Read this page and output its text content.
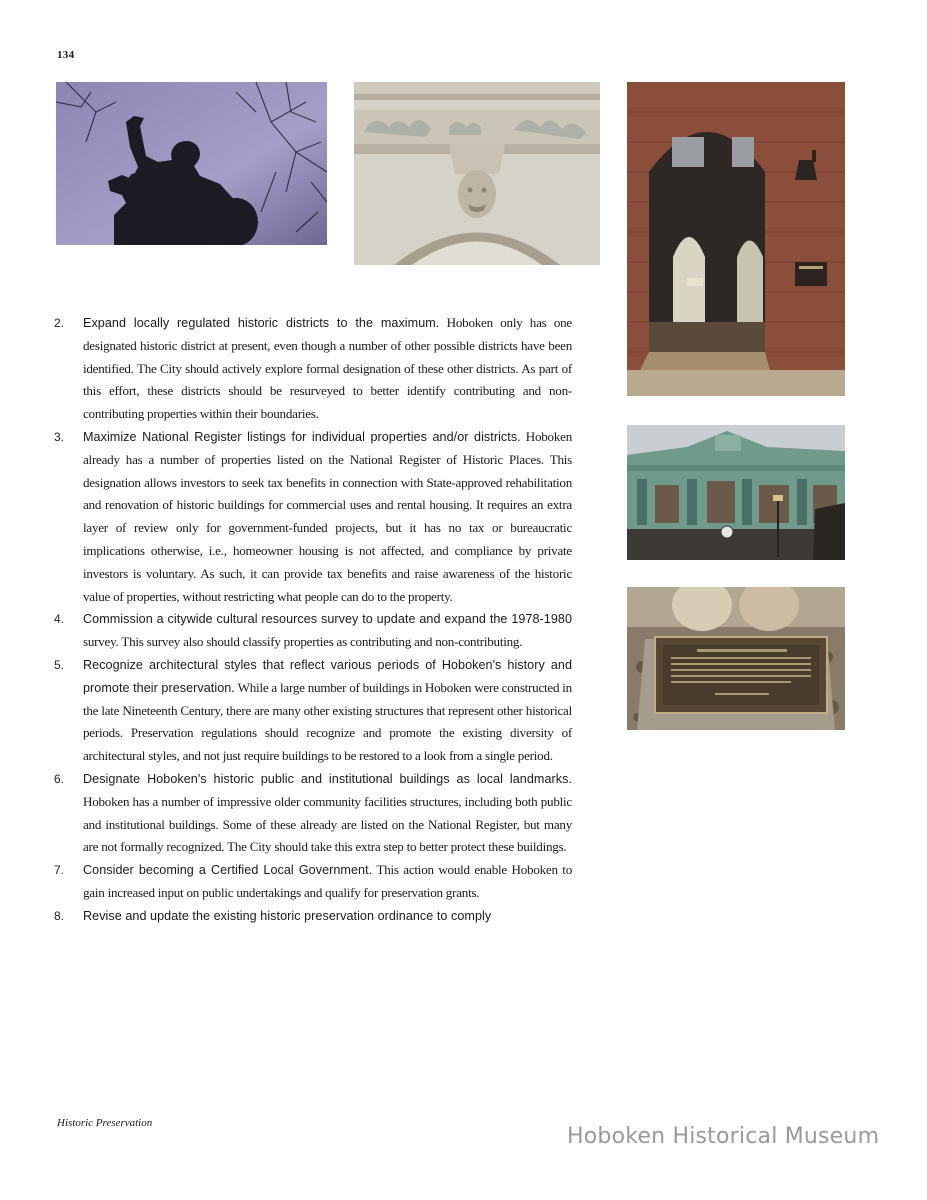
134
2.	Expand locally regulated historic districts to the maximum. Hoboken only has one designated historic district at present, even though a number of other possible districts have been identified. The City should actively explore formal designation of these other districts. As part of this effort, these districts should be resurveyed to better identify contributing and non-contributing properties within their boundaries.
3.	Maximize National Register listings for individual properties and/or districts. Hoboken already has a number of properties listed on the National Register of Historic Places. This designation allows investors to seek tax benefits in connection with State-approved rehabilitation and renovation of historic buildings for commercial uses and rental housing. It requires an extra layer of review only for government-funded projects, but it has no tax or bureaucratic implications otherwise, i.e., homeowner housing is not affected, and compliance by private investors is voluntary. As such, it can provide tax benefits and raise awareness of the historic value of properties, without restricting what people can do to the property.
4.	Commission a citywide cultural resources survey to update and expand the 1978-1980 survey. This survey also should classify properties as contributing and non-contributing.
5.	Recognize architectural styles that reflect various periods of Hoboken's history and promote their preservation. While a large number of buildings in Hoboken were constructed in the late Nineteenth Century, there are many other existing structures that represent other historical periods. Preservation regulations should recognize and promote the existing diversity of architectural styles, and not just require buildings to be restored to a look from a single period.
6.	Designate Hoboken's historic public and institutional buildings as local landmarks. Hoboken has a number of impressive older community facilities structures, including both public and institutional buildings. Some of these already are listed on the National Register, but many are not formally recognized. The City should take this extra step to better protect these buildings.
7.	Consider becoming a Certified Local Government. This action would enable Hoboken to gain increased input on public undertakings and qualify for preservation grants.
8.	Revise and update the existing historic preservation ordinance to comply
Historic Preservation
Hoboken Historical Museum
